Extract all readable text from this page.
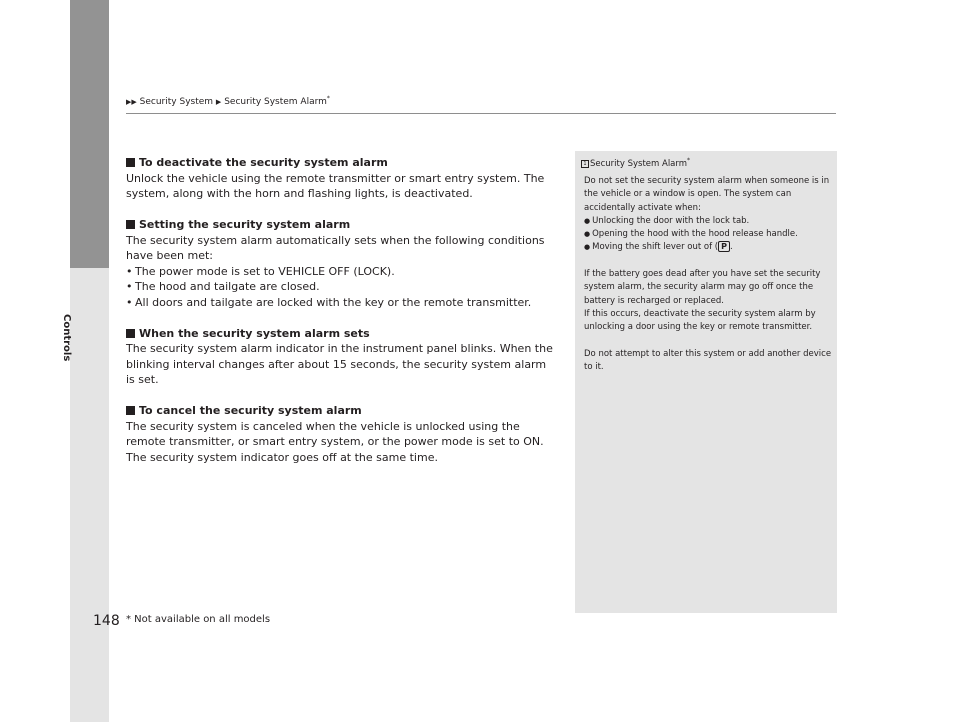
Controls
▶▶ Security System ▶ Security System Alarm*

To deactivate the security system alarm

Unlock the vehicle using the remote transmitter or smart entry system. The system, along with the horn and flashing lights, is deactivated.

Setting the security system alarm

The security system alarm automatically sets when the following conditions have been met:

• The power mode is set to VEHICLE OFF (LOCK).
• The hood and tailgate are closed.
• All doors and tailgate are locked with the key or the remote transmitter.

When the security system alarm sets

The security system alarm indicator in the instrument panel blinks. When the blinking interval changes after about 15 seconds, the security system alarm is set.

To cancel the security system alarm

The security system is canceled when the vehicle is unlocked using the remote transmitter, or smart entry system, or the power mode is set to ON. The security system indicator goes off at the same time.

1 Security System Alarm*

Do not set the security system alarm when someone is in the vehicle or a window is open. The system can accidentally activate when:

● Unlocking the door with the lock tab.

● Opening the hood with the hood release handle.

● Moving the shift lever out of ( P .

If the battery goes dead after you have set the security system alarm, the security alarm may go off once the battery is recharged or replaced.

If this occurs, deactivate the security system alarm by unlocking a door using the key or remote transmitter.

Do not attempt to alter this system or add another device to it.

148 * Not available on all models
